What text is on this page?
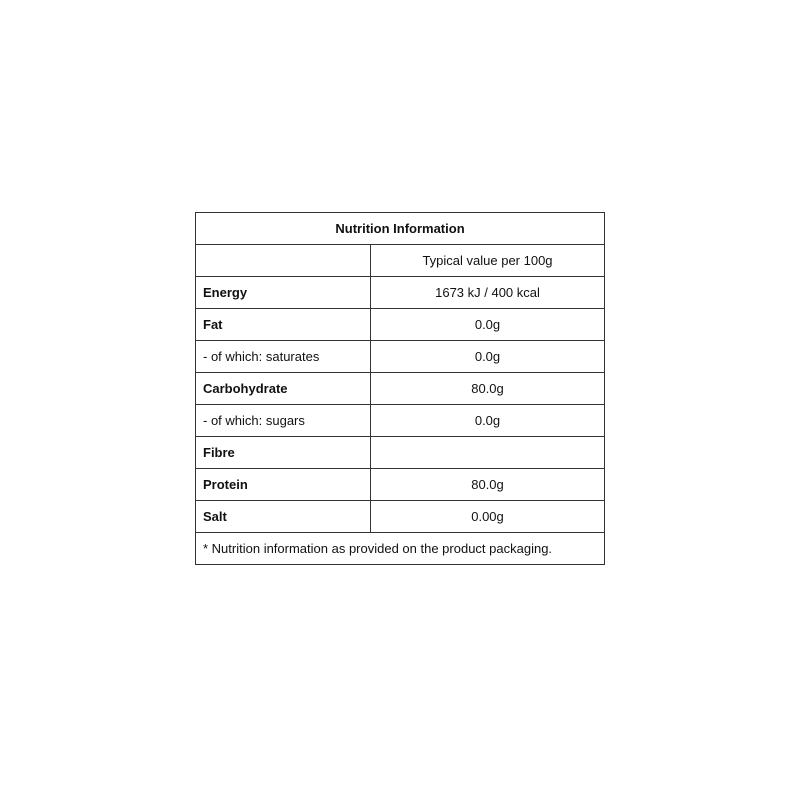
Nutrition Information	
	Typical value per 100g
Energy	1673 kJ / 400 kcal
Fat	0.0g
- of which: saturates	0.0g
Carbohydrate	80.0g
- of which: sugars	0.0g
Fibre	
Protein	80.0g
Salt	0.00g
* Nutrition information as provided on the product packaging.	
